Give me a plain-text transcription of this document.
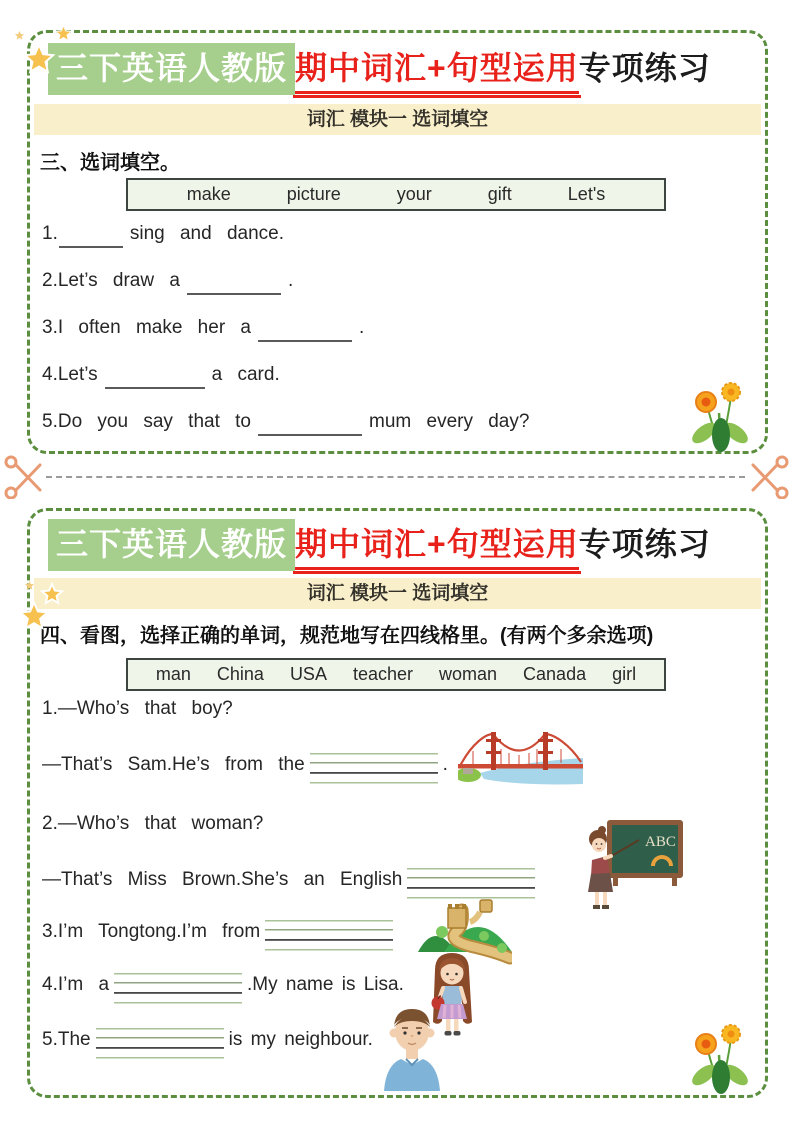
三下英语人教版 期中词汇+句型运用专项练习
词汇 模块一 选词填空
三、选词填空。
make	picture	your	gift	Let's
1.	sing and dance.
2.Let’s draw a	.
3.I often make her a	.
4.Let’s	a card.
5.Do you say that to	mum every day?
三下英语人教版 期中词汇+句型运用专项练习
词汇 模块一 选词填空
四、看图，选择正确的单词，规范地写在四线格里。(有两个多余选项)
man China USA teacher woman Canada girl
1.—Who’s that boy?
—That’s Sam.He’s from the	.
2.—Who’s that woman?
—That’s Miss Brown.She’s an English
ABC
3.I’m Tongtong.I’m from
4.I’m a	.My name is Lisa.
5.The	is my neighbour.
